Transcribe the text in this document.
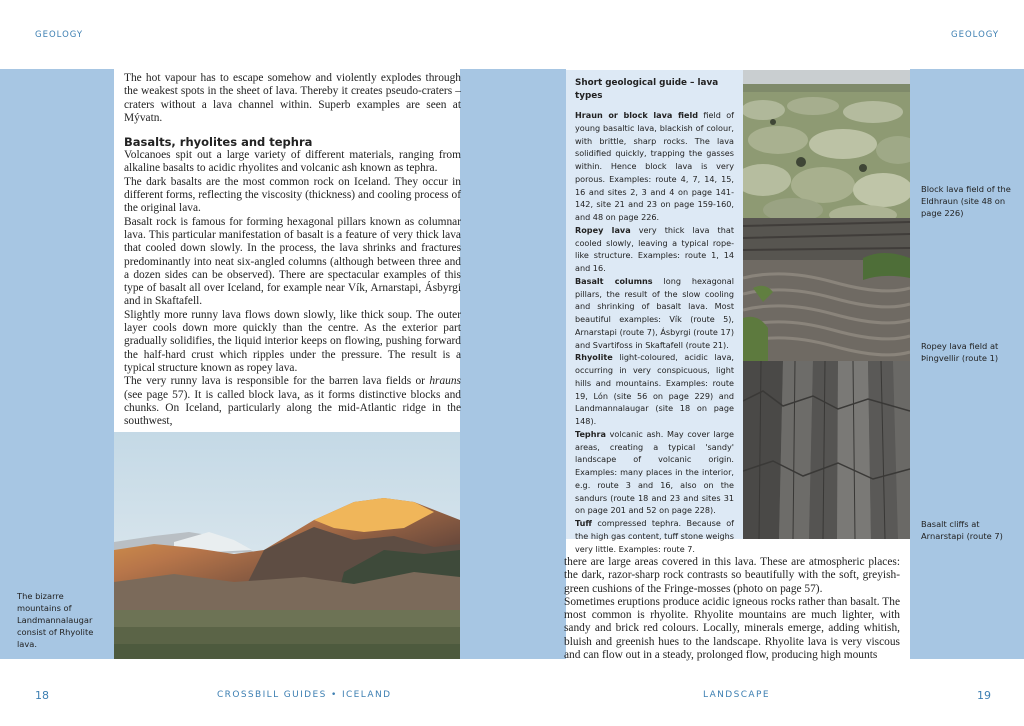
GEOLOGY	GEOLOGY

The hot vapour has to escape somehow and violently explodes through the weakest spots in the sheet of lava. Thereby it creates pseudo-craters – craters without a lava channel within. Superb examples are seen at Mývatn.

Basalts, rhyolites and tephra

Volcanoes spit out a large variety of different materials, ranging from alkaline basalts to acidic rhyolites and volcanic ash known as tephra.

The dark basalts are the most common rock on Iceland. They occur in different forms, reflecting the viscosity (thickness) and cooling process of the original lava.

Basalt rock is famous for forming hexagonal pillars known as columnar lava. This particular manifestation of basalt is a feature of very thick lava that cooled down slowly. In the process, the lava shrinks and fractures predominantly into neat six-angled columns (although between three and a dozen sides can be observed). There are spectacular examples of this type of basalt all over Iceland, for example near Vík, Arnarstapi, Ásbyrgi and in Skaftafell.

Slightly more runny lava flows down slowly, like thick soup. The outer layer cools down more quickly than the centre. As the exterior part gradually solidifies, the liquid interior keeps on flowing, pushing forward the half-hard crust which ripples under the pressure. The result is a typical structure known as ropey lava.

The very runny lava is responsible for the barren lava fields or hrauns (see page 57). It is called block lava, as it forms distinctive blocks and chunks. On Iceland, particularly along the mid-Atlantic ridge in the southwest,

The bizarre mountains of Landmannalaugar consist of Rhyolite lava.
Short geological guide – lava types

Hraun or block lava field field of young basaltic lava, blackish of colour, with brittle, sharp rocks. The lava solidified quickly, trapping the gasses within. Hence block lava is very porous. Examples: route 4, 7, 14, 15, 16 and sites 2, 3 and 4 on page 141-142, site 21 and 23 on page 159-160, and 48 on page 226.

Ropey lava very thick lava that cooled slowly, leaving a typical rope-like structure. Examples: route 1, 14 and 16.

Basalt columns long hexagonal pillars, the result of the slow cooling and shrinking of basalt lava. Most beautiful examples: Vík (route 5), Arnarstapi (route 7), Ásbyrgi (route 17) and Svartifoss in Skaftafell (route 21).

Rhyolite light-coloured, acidic lava, occurring in very conspicuous, light hills and mountains. Examples: route 19, Lón (site 56 on page 229) and Landmannalaugar (site 18 on page 148).

Tephra volcanic ash. May cover large areas, creating a typical 'sandy' landscape of volcanic origin. Examples: many places in the interior, e.g. route 3 and 16, also on the sandurs (route 18 and 23 and sites 31 on page 201 and 52 on page 228).

Tuff compressed tephra. Because of the high gas content, tuff stone weighs very little. Examples: route 7.

Block lava field of the Eldhraun (site 48 on page 226)
Ropey lava field at Þingvellir (route 1)
Basalt cliffs at Arnarstapi (route 7)

there are large areas covered in this lava. These are atmospheric places: the dark, razor-sharp rock contrasts so beautifully with the soft, greyish-green cushions of the Fringe-mosses (photo on page 57).

Sometimes eruptions produce acidic igneous rocks rather than basalt. The most common is rhyolite. Rhyolite mountains are much lighter, with sandy and brick red colours. Locally, minerals emerge, adding whitish, bluish and greenish hues to the landscape. Rhyolite lava is very viscous and can flow out in a steady, prolonged flow, producing high mounts

18	CROSSBILL GUIDES • ICELAND	LANDSCAPE	19
